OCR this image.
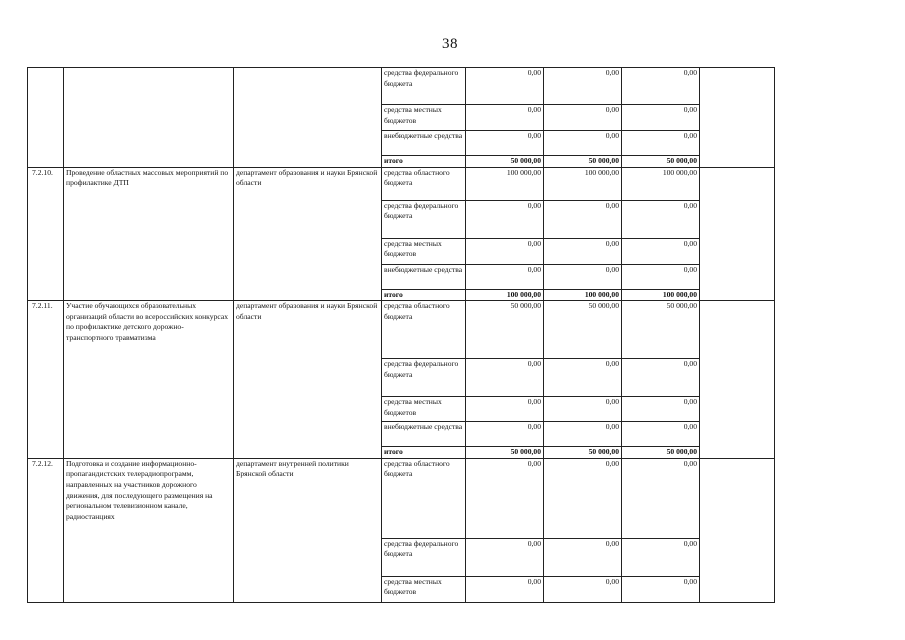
38
			средства федерального бюджета	0,00	0,00	0,00	
			средства местных бюджетов	0,00	0,00	0,00	
			внебюджетные средства	0,00	0,00	0,00	
			итого	50 000,00	50 000,00	50 000,00	
7.2.10.	Проведение областных массовых мероприятий по профилактике ДТП	департамент образования и науки Брянской области	средства областного бюджета	100 000,00	100 000,00	100 000,00	
			средства федерального бюджета	0,00	0,00	0,00	
			средства местных бюджетов	0,00	0,00	0,00	
			внебюджетные средства	0,00	0,00	0,00	
			итого	100 000,00	100 000,00	100 000,00	
7.2.11.	Участие обучающихся образовательных организаций области во всероссийских конкурсах по профилактике детского дорожно-транспортного травматизма	департамент образования и науки Брянской области	средства областного бюджета	50 000,00	50 000,00	50 000,00	
			средства федерального бюджета	0,00	0,00	0,00	
			средства местных бюджетов	0,00	0,00	0,00	
			внебюджетные средства	0,00	0,00	0,00	
			итого	50 000,00	50 000,00	50 000,00	
7.2.12.	Подготовка и создание информационно-пропагандистских телерадиопрограмм, направленных на участников дорожного движения, для последующего размещения на региональном телевизионном канале, радиостанциях	департамент внутренней политики Брянской области	средства областного бюджета	0,00	0,00	0,00	
			средства федерального бюджета	0,00	0,00	0,00	
			средства местных бюджетов	0,00	0,00	0,00	
